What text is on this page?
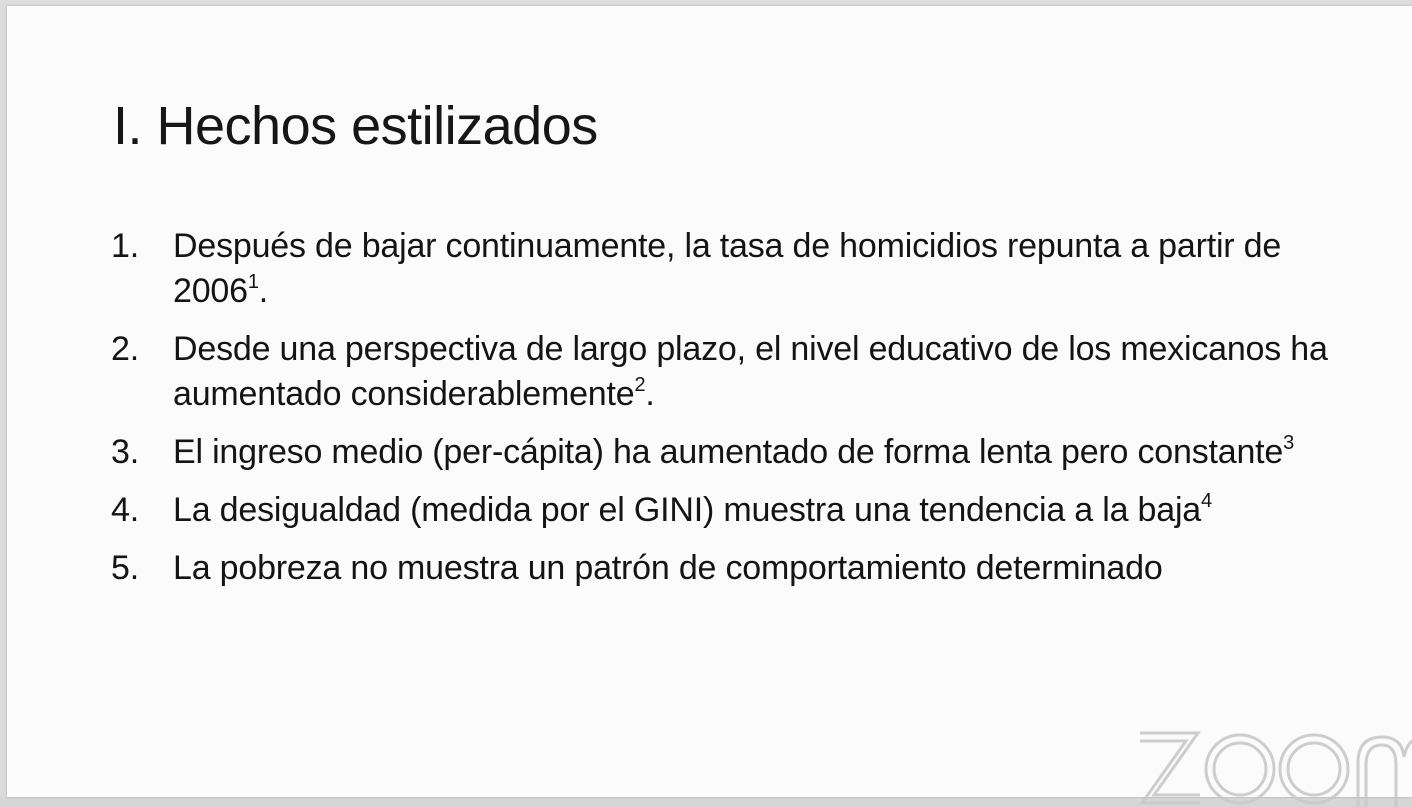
I. Hechos estilizados
1. Después de bajar continuamente, la tasa de homicidios repunta a partir de 2006$^1$.
2. Desde una perspectiva de largo plazo, el nivel educativo de los mexicanos ha aumentado considerablemente$^2$.
3. El ingreso medio (per-cápita) ha aumentado de forma lenta pero constante$^3$
4. La desigualdad (medida por el GINI) muestra una tendencia a la baja$^4$
5. La pobreza no muestra un patrón de comportamiento determinado
